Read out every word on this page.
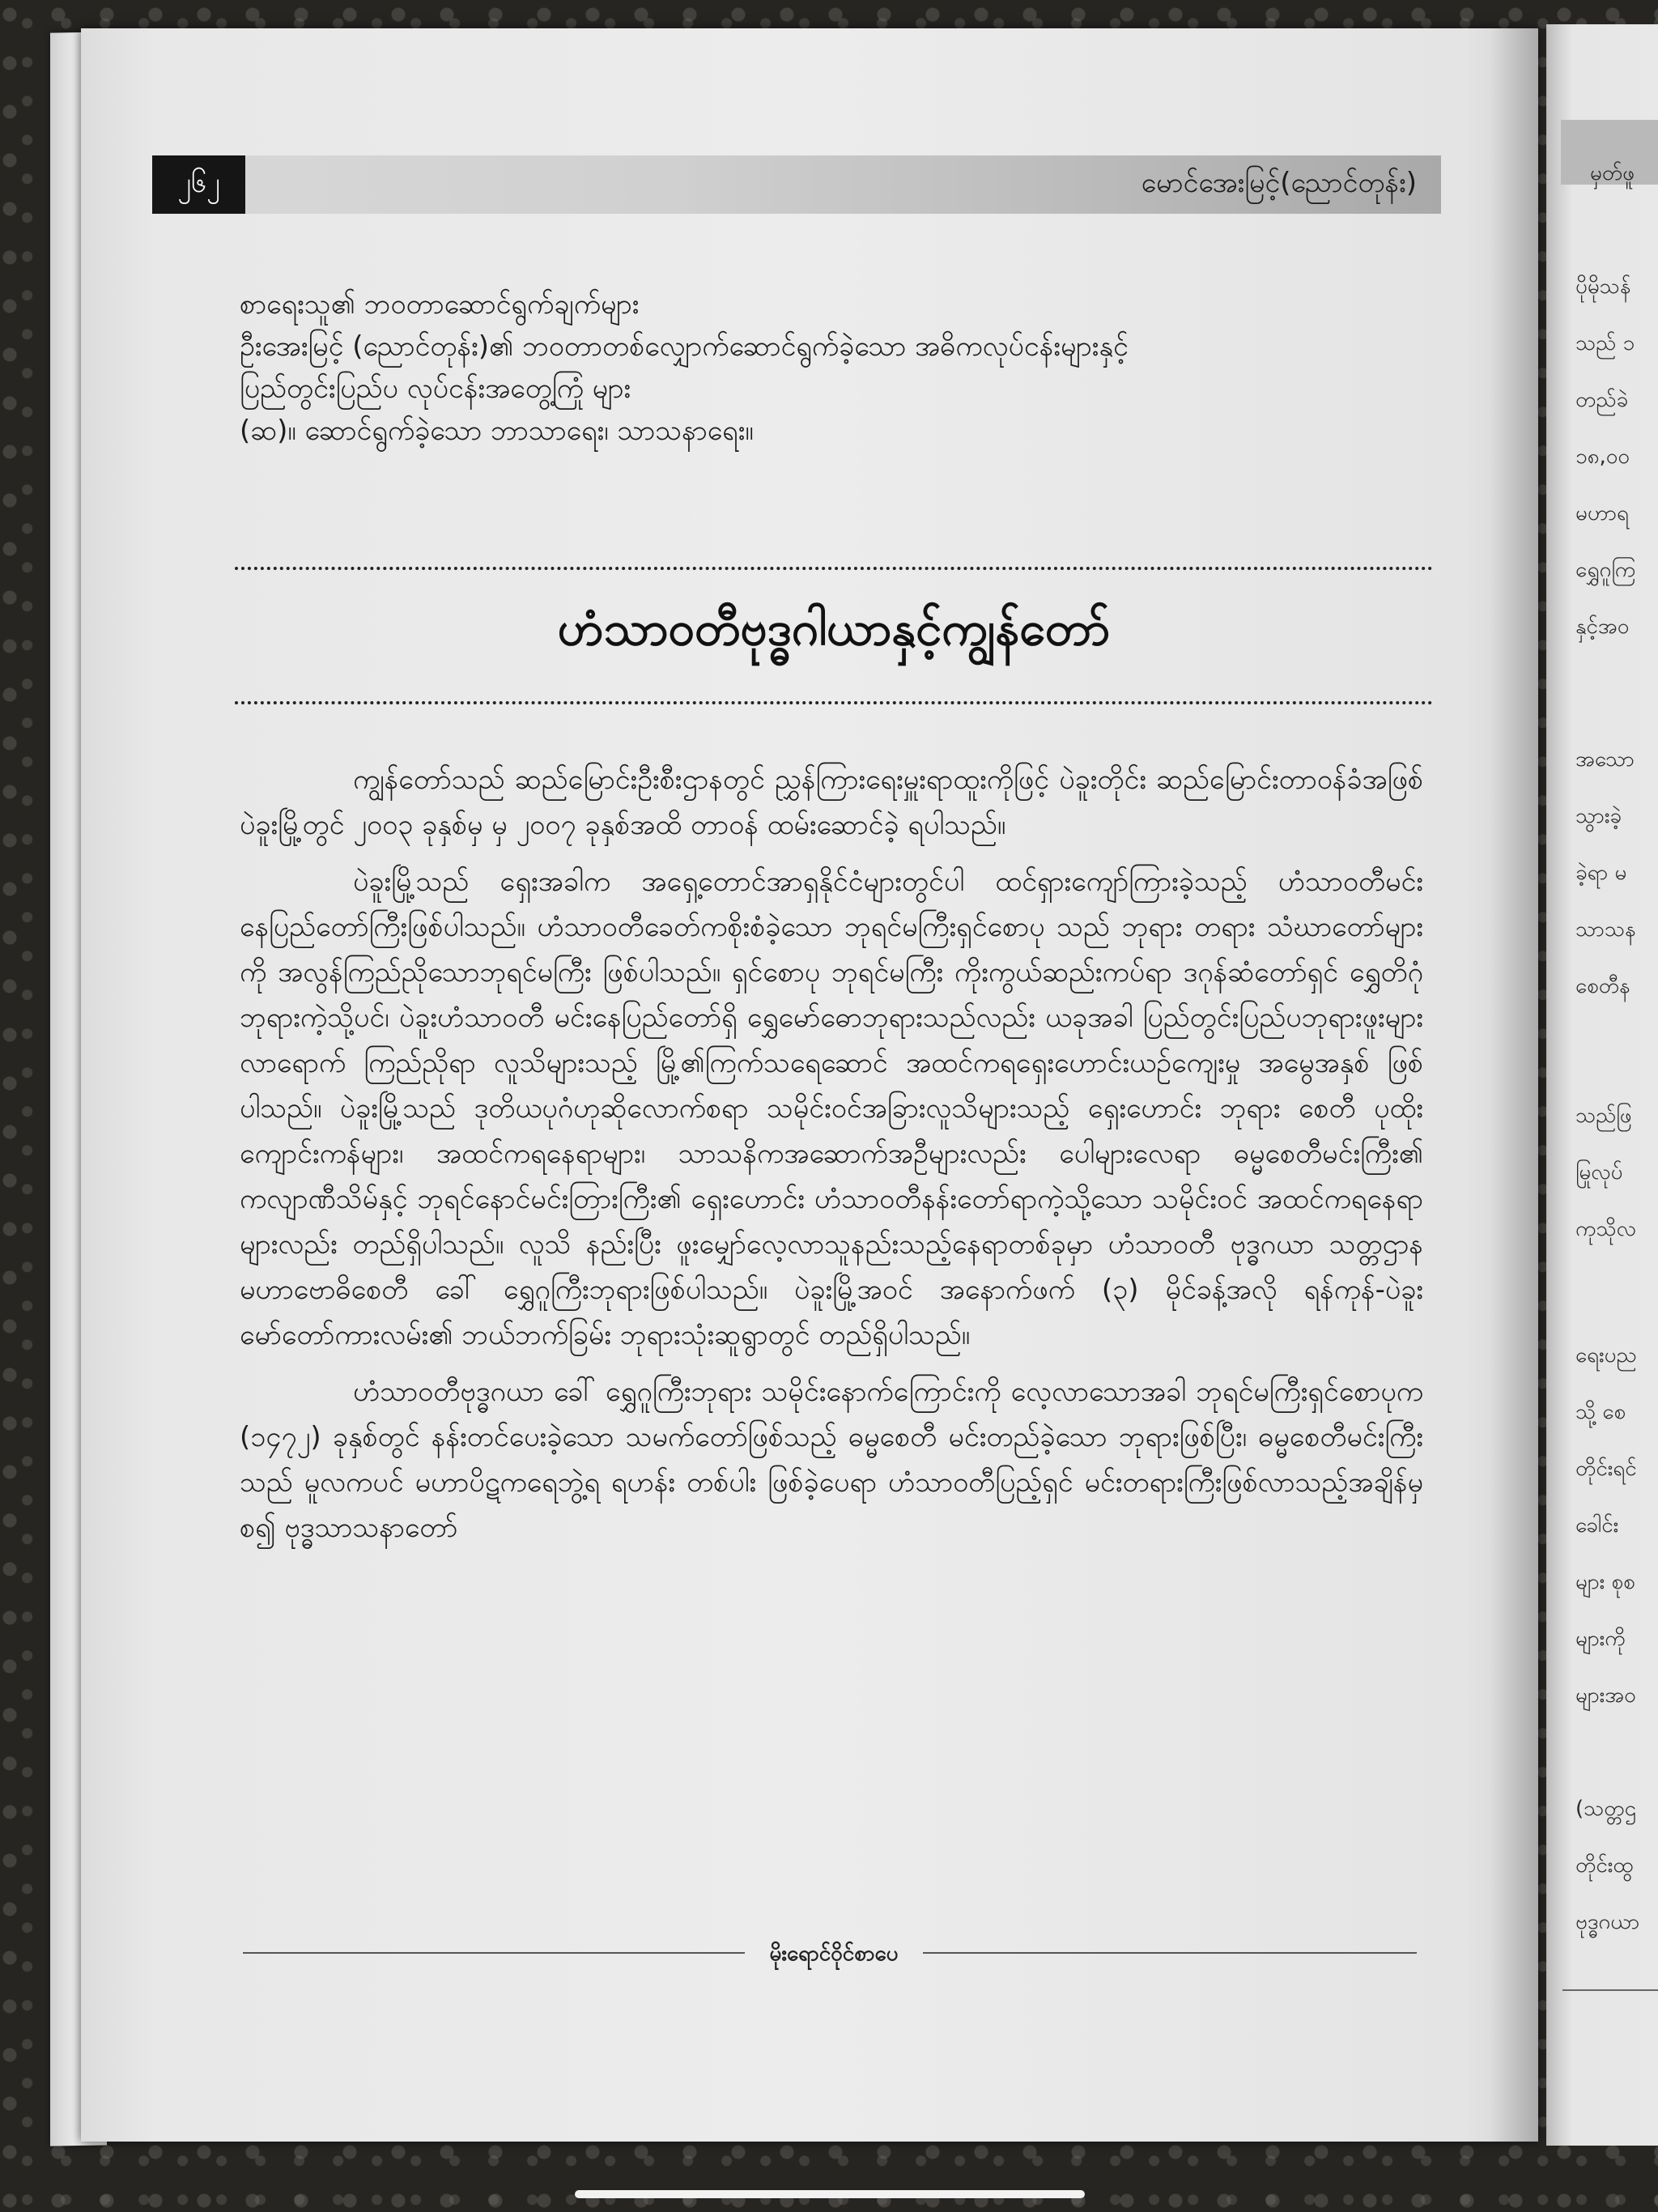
မှတ်ဖူ
ပိုမိုသန်
သည် ၁
တည်ခဲ
၁၈,၀၀
မဟာရ
ရွှေဂူကြ
နှင့်အဝ
အသော
သွားခဲ့
ခဲ့ရာ မ
သာသန
စေတီန
သည်ဖြ
မြုလုပ်
ကုသိုလ
ရေးပည
သို့ စေ
တိုင်းရင်
ခေါင်း
များ စုစ
များကို
များအဝ
(သတ္တဌ
တိုင်းထွ
ဗုဒ္ဓဂယာ
၂၆၂	မောင်အေးမြင့်(ညောင်တုန်း)
စာရေးသူ၏ ဘဝတာဆောင်ရွက်ချက်များ
ဦးအေးမြင့် (ညောင်တုန်း)၏ ဘဝတာတစ်လျှောက်ဆောင်ရွက်ခဲ့သော အဓိကလုပ်ငန်းများနှင့်
ပြည်တွင်းပြည်ပ လုပ်ငန်းအတွေ့ကြုံ များ
(ဆ)။ ဆောင်ရွက်ခဲ့သော ဘာသာရေး၊ သာသနာရေး။
ဟံသာဝတီဗုဒ္ဓဂါယာနှင့်ကျွန်တော်

ကျွန်တော်သည် ဆည်မြောင်းဦးစီးဌာနတွင် ညွှန်ကြားရေးမှူးရာထူးကိုဖြင့် ပဲခူးတိုင်း ဆည်မြောင်းတာဝန်ခံအဖြစ် ပဲခူးမြို့တွင် ၂၀၀၃ ခုနှစ်မှ မှ ၂၀၀၇ ခုနှစ်အထိ တာဝန် ထမ်းဆောင်ခဲ့ ရပါသည်။

ပဲခူးမြို့သည် ရှေးအခါက အရှေ့တောင်အာရှနိုင်ငံများတွင်ပါ ထင်ရှားကျော်ကြားခဲ့သည့် ဟံသာဝတီမင်းနေပြည်တော်ကြီးဖြစ်ပါသည်။ ဟံသာဝတီခေတ်ကစိုးစံခဲ့သော ဘုရင်မကြီးရှင်စောပု သည် ဘုရား တရား သံဃာတော်များကို အလွန်ကြည်ညိုသောဘုရင်မကြီး ဖြစ်ပါသည်။ ရှင်စောပု ဘုရင်မကြီး ကိုးကွယ်ဆည်းကပ်ရာ ဒဂုန်ဆံတော်ရှင် ရွှေတိဂုံဘုရားကဲ့သို့ပင်၊ ပဲခူးဟံသာဝတီ မင်းနေပြည်တော်ရှိ ရွှေမော်ဓောဘုရားသည်လည်း ယခုအခါ ပြည်တွင်းပြည်ပဘုရားဖူးများ လာရောက် ကြည်ညိုရာ လူသိများသည့် မြို့၏ကြက်သရေဆောင် အထင်ကရရှေးဟောင်းယဉ်ကျေးမှု အမွေအနှစ် ဖြစ်ပါသည်။ ပဲခူးမြို့သည် ဒုတိယပုဂံဟုဆိုလောက်စရာ သမိုင်းဝင်အခြားလူသိများသည့် ရှေးဟောင်း ဘုရား စေတီ ပုထိုးကျောင်းကန်များ၊ အထင်ကရနေရာများ၊ သာသနိကအဆောက်အဦများလည်း ပေါများလေရာ ဓမ္မစေတီမင်းကြီး၏ ကလျာဏီသိမ်နှင့် ဘုရင်နောင်မင်းတြားကြီး၏ ရှေးဟောင်း ဟံသာဝတီနန်းတော်ရာကဲ့သို့သော သမိုင်းဝင် အထင်ကရနေရာများလည်း တည်ရှိပါသည်။ လူသိ နည်းပြီး ဖူးမျှော်လေ့လာသူနည်းသည့်နေရာတစ်ခုမှာ ဟံသာဝတီ ဗုဒ္ဓဂယာ သတ္တဌာန မဟာဗောဓိစေတီ ခေါ် ရွှေဂူကြီးဘုရားဖြစ်ပါသည်။ ပဲခူးမြို့အဝင် အနောက်ဖက် (၃) မိုင်ခန့်အလို ရန်ကုန်-ပဲခူး မော်တော်ကားလမ်း၏ ဘယ်ဘက်ခြမ်း ဘုရားသုံးဆူရွာတွင် တည်ရှိပါသည်။

ဟံသာဝတီဗုဒ္ဓဂယာ ခေါ် ရွှေဂူကြီးဘုရား သမိုင်းနောက်ကြောင်းကို လေ့လာသောအခါ ဘုရင်မကြီးရှင်စောပုက (၁၄၇၂) ခုနှစ်တွင် နန်းတင်ပေးခဲ့သော သမက်တော်ဖြစ်သည့် ဓမ္မစေတီ မင်းတည်ခဲ့သော ဘုရားဖြစ်ပြီး၊ ဓမ္မစေတီမင်းကြီးသည် မူလကပင် မဟာပိဋကရေဘွဲ့ရ ရဟန်း တစ်ပါး ဖြစ်ခဲ့ပေရာ ဟံသာဝတီပြည့်ရှင် မင်းတရားကြီးဖြစ်လာသည့်အချိန်မှစ၍ ဗုဒ္ဓသာသနာတော်

မိုးရောင်ဝိုင်စာပေ
